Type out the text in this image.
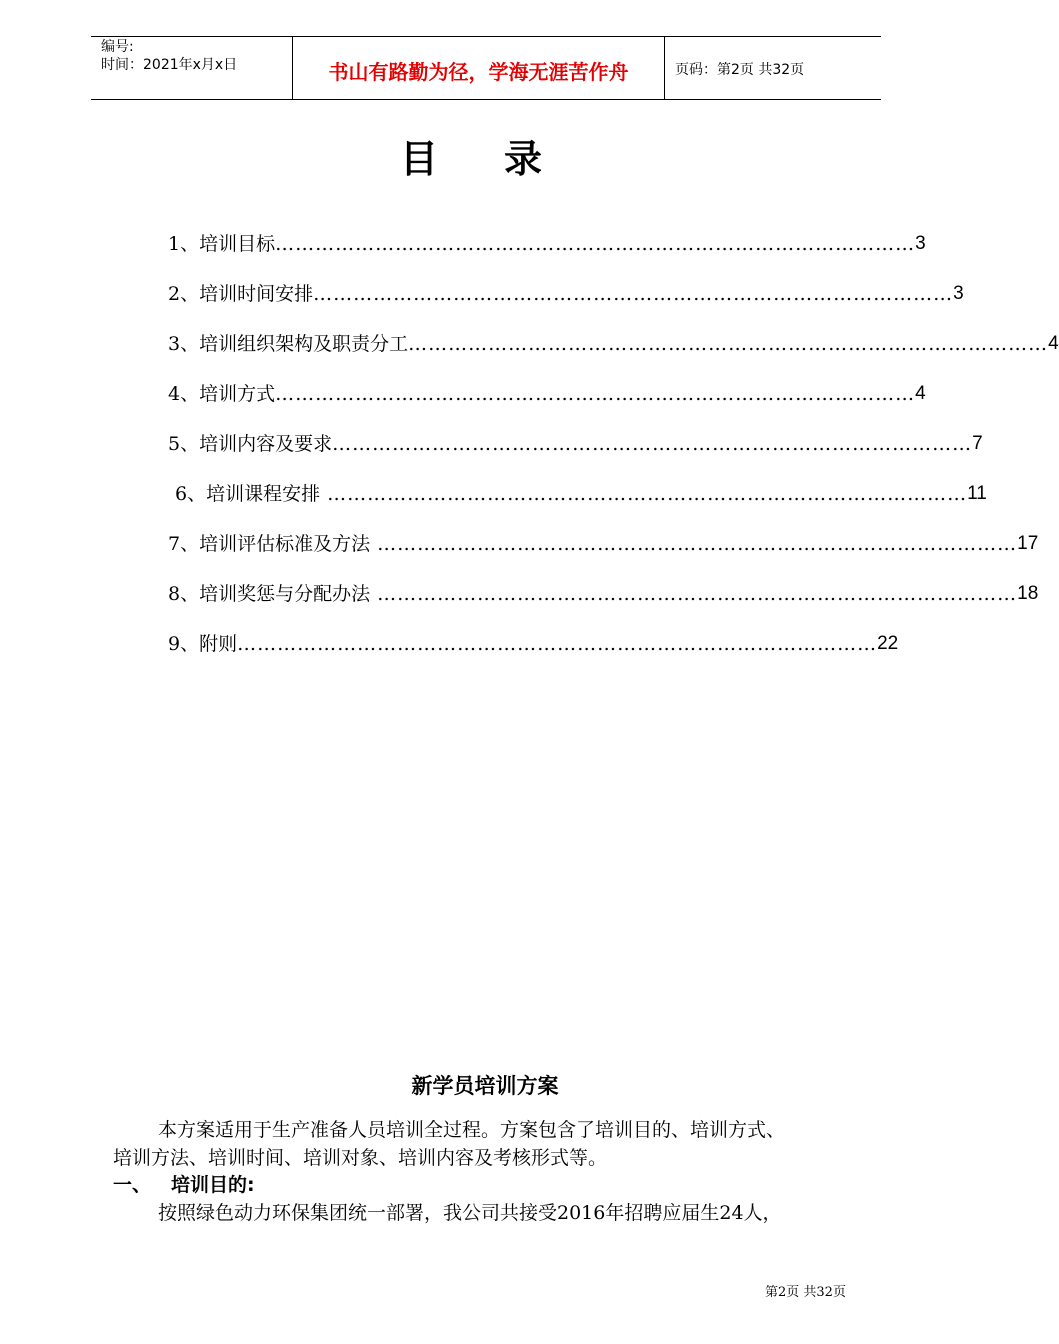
编号:
时间：2021年x月x日	书山有路勤为径，学海无涯苦作舟	页码：第2页 共32页
目录
1、培训目标 …………………………………………………………………………………… 3
2、培训时间安排 …………………………………………………………………………………… 3
3、培训组织架构及职责分工 …………………………………………………………………………………… 4
4、培训方式 …………………………………………………………………………………… 4
5、培训内容及要求 …………………………………………………………………………………… 7
6、培训课程安排 …………………………………………………………………………………… 11
7、培训评估标准及方法 …………………………………………………………………………………… 17
8、培训奖惩与分配办法 …………………………………………………………………………………… 18
9、附则 …………………………………………………………………………………… 22
新学员培训方案
本方案适用于生产准备人员培训全过程。方案包含了培训目的、培训方式、
培训方法、培训时间、培训对象、培训内容及考核形式等。
一、 培训目的:
按照绿色动力环保集团统一部署，我公司共接受2016年招聘应届生24人，
第2页 共32页
